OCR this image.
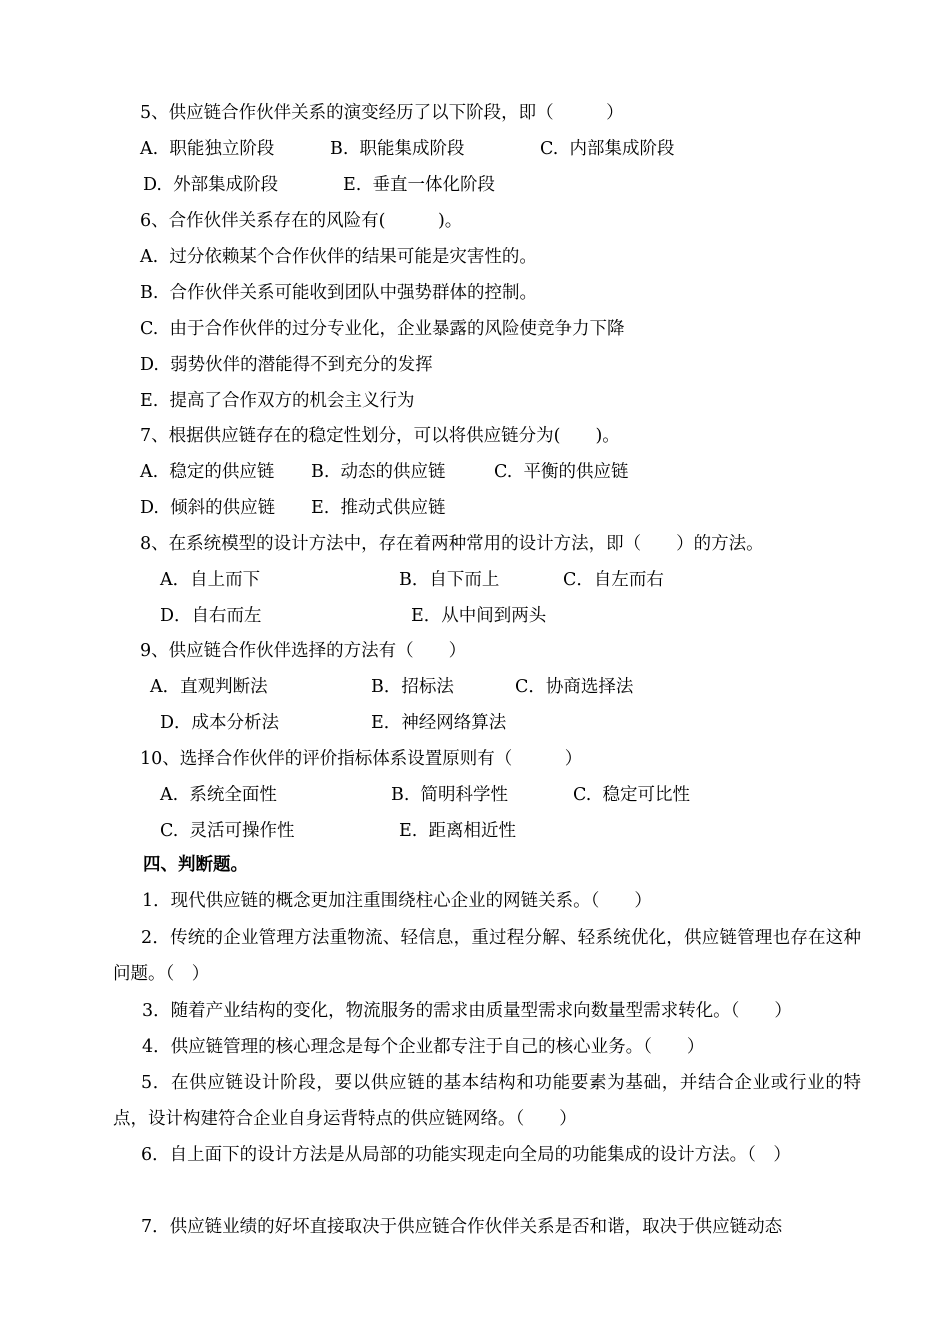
5、供应链合作伙伴关系的演变经历了以下阶段，即（　　　）
A.  职能独立阶段	B.  职能集成阶段	C.  内部集成阶段
D.  外部集成阶段	E.  垂直一体化阶段
6、合作伙伴关系存在的风险有(　　　)。
A.  过分依赖某个合作伙伴的结果可能是灾害性的。
B.  合作伙伴关系可能收到团队中强势群体的控制。
C.  由于合作伙伴的过分专业化，企业暴露的风险使竞争力下降
D.  弱势伙伴的潜能得不到充分的发挥
E.  提高了合作双方的机会主义行为
7、根据供应链存在的稳定性划分，可以将供应链分为(　　)。
A.  稳定的供应链 B.  动态的供应链	C.  平衡的供应链
D.  倾斜的供应链 E.  推动式供应链
8、在系统模型的设计方法中，存在着两种常用的设计方法，即（　　）的方法。
A．自上而下	B．自下而上	C．自左而右
D．自右而左	E．从中间到两头
9、供应链合作伙伴选择的方法有（　　）
A．直观判断法	B．招标法	C．协商选择法
D．成本分析法	E．神经网络算法
10、选择合作伙伴的评价指标体系设置原则有（　　　）
A.  系统全面性	B.  简明科学性	C.  稳定可比性
C.  灵活可操作性	E.  距离相近性
四、判断题。
1．现代供应链的概念更加注重围绕柱心企业的网链关系。（　　）
2．传统的企业管理方法重物流、轻信息，重过程分解、轻系统优化，供应链管理也存在这种问题。（　）
3．随着产业结构的变化，物流服务的需求由质量型需求向数量型需求转化。（　　）
4．供应链管理的核心理念是每个企业都专注于自己的核心业务。（　　）
5．在供应链设计阶段，要以供应链的基本结构和功能要素为基础，并结合企业或行业的特点，设计构建符合企业自身运背特点的供应链网络。（　　）
6．自上面下的设计方法是从局部的功能实现走向全局的功能集成的设计方法。（　）
7．供应链业绩的好坏直接取决于供应链合作伙伴关系是否和谐，取决于供应链动态
